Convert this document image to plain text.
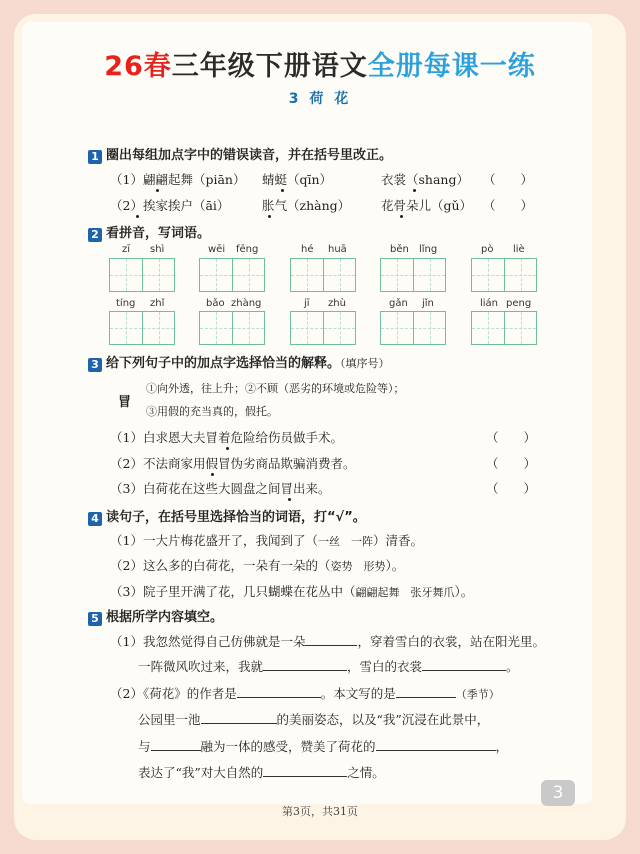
26春三年级下册语文全册每课一练
3 荷 花
1 圈出每组加点字中的错误读音，并在括号里改正。
（1）翩翩起舞（piān） 蜻蜓（qīn）	衣裳（shang） （　　）
（2）挨家挨户（āi）	胀气（zhàng） 花骨朵儿（gǔ） （　　）
2 看拼音，写词语。
zī shì	wēi fēng	hé huā	běn lǐng	pò liè
tíng zhǐ	bǎo zhàng	jī zhù	gǎn jǐn	lián peng
3 给下列句子中的加点字选择恰当的解释。（填序号）
冒
①向外透，往上升；②不顾（恶劣的环境或危险等）；
③用假的充当真的，假托。
（1）白求恩大夫冒着危险给伤员做手术。
（2）不法商家用假冒伪劣商品欺骗消费者。
（3）白荷花在这些大圆盘之间冒出来。
（　　）
（　　）
（　　）
4 读句子，在括号里选择恰当的词语，打“√”。
（1）一大片梅花盛开了，我闻到了（一丝　一阵）清香。
（2）这么多的白荷花，一朵有一朵的（姿势　形势）。
（3）院子里开满了花，几只蝴蝶在花丛中（翩翩起舞　张牙舞爪）。
5 根据所学内容填空。
（1）我忽然觉得自己仿佛就是一朵	，穿着雪白的衣裳，站在阳光里。
一阵微风吹过来，我就	，雪白的衣裳	。
（2）《荷花》的作者是	。本文写的是	（季节）
公园里一池	的美丽姿态，以及“我”沉浸在此景中，
与	融为一体的感受，赞美了荷花的	，
表达了“我”对大自然的	之情。
3
第3页，共31页
